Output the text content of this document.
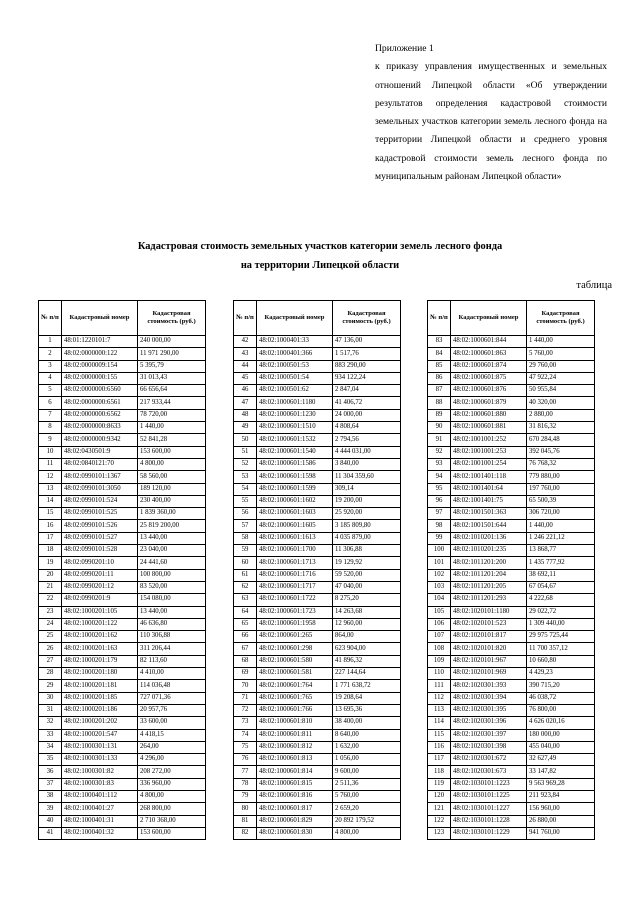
Приложение 1
к приказу управления имущественных и земельных отношений Липецкой области «Об утверждении результатов определения кадастровой стоимости земельных участков категории земель лесного фонда на территории Липецкой области и среднего уровня кадастровой стоимости земель лесного фонда по муниципальным районам Липецкой области»
Кадастровая стоимость земельных участков категории земель лесного фонда
на территории Липецкой области
таблица
№ п/п	Кадастровый номер	Кадастровая стоимость (руб.)
1	48:01:1220101:7	240 000,00
2	48:02:0000000:122	11 971 290,00
3	48:02:0000009:154	5 395,79
4	48:02:0000000:155	31 013,43
5	48:02:0000000:6560	66 656,64
6	48:02:0000000:6561	217 933,44
7	48:02:0000000:6562	78 720,00
8	48:02:0000000:8633	1 440,00
9	48:02:0000000:9342	52 841,28
10	48:02:0430501:9	153 600,00
11	48:02:0840121:70	4 800,00
12	48:02:0990101:1367	58 560,00
13	48:02:0990101:3050	189 120,00
14	48:02:0990101:524	230 400,00
15	48:02:0990101:525	1 839 360,00
16	48:02:0990101:526	25 819 200,00
17	48:02:0990101:527	13 440,00
18	48:02:0990101:528	23 040,00
19	48:02:0990201:10	24 441,60
20	48:02:0990201:11	100 800,00
21	48:02:0990201:12	83 520,00
22	48:02:0990201:9	154 080,00
23	48:02:1000201:105	13 440,00
24	48:02:1000201:122	46 636,80
25	48:02:1000201:162	110 306,88
26	48:02:1000201:163	311 206,44
27	48:02:1000201:179	82 113,60
28	48:02:1000201:180	4 410,00
29	48:02:1000201:181	114 036,48
30	48:02:1000201:185	727 071,36
31	48:02:1000201:186	20 957,76
32	48:02:1000201:202	33 600,00
33	48:02:1000201:547	4 418,15
34	48:02:1000301:131	264,00
35	48:02:1000301:133	4 296,00
36	48:02:1000301:82	208 272,00
37	48:02:1000301:83	336 960,00
38	48:02:1000401:112	4 800,00
39	48:02:1000401:27	268 800,00
40	48:02:1000401:31	2 710 368,00
41	48:02:1000401:32	153 600,00
№ п/п	Кадастровый номер	Кадастровая стоимость (руб.)
42	48:02:1000401:33	47 136,00
43	48:02:1000401:366	1 517,76
44	48:02:1000501:53	883 290,00
45	48:02:1000501:54	934 122,24
46	48:02:1000501:62	2 847,04
47	48:02:1000601:1180	41 406,72
48	48:02:1000601:1230	24 000,00
49	48:02:1000601:1510	4 808,64
50	48:02:1000601:1532	2 794,56
51	48:02:1000601:1540	4 444 031,00
52	48:02:1000601:1586	3 840,00
53	48:02:1000601:1598	11 304 359,60
54	48:02:1000601:1599	309,14
55	48:02:1000601:1602	19 200,00
56	48:02:1000601:1603	25 920,00
57	48:02:1000601:1605	3 185 809,80
58	48:02:1000601:1613	4 035 879,00
59	48:02:1000601:1700	11 306,88
60	48:02:1000601:1713	19 129,92
61	48:02:1000601:1716	59 520,00
62	48:02:1000601:1717	47 040,00
63	48:02:1000601:1722	8 275,20
64	48:02:1000601:1723	14 263,68
65	48:02:1000601:1958	12 960,00
66	48:02:1000601:265	864,00
67	48:02:1000601:298	623 904,00
68	48:02:1000601:580	41 896,32
69	48:02:1000601:581	227 144,64
70	48:02:1000601:764	1 771 638,72
71	48:02:1000601:765	19 208,64
72	48:02:1000601:766	13 695,36
73	48:02:1000601:810	38 400,00
74	48:02:1000601:811	8 640,00
75	48:02:1000601:812	1 632,00
76	48:02:1000601:813	1 056,00
77	48:02:1000601:814	9 600,00
78	48:02:1000601:815	2 511,36
79	48:02:1000601:816	5 760,00
80	48:02:1000601:817	2 659,20
81	48:02:1000601:829	20 892 179,52
82	48:02:1000601:830	4 800,00
№ п/п	Кадастровый номер	Кадастровая стоимость (руб.)
83	48:02:1000601:844	1 440,00
84	48:02:1000601:863	5 760,00
85	48:02:1000601:874	29 760,00
86	48:02:1000601:875	47 922,24
87	48:02:1000601:876	50 955,84
88	48:02:1000601:879	40 320,00
89	48:02:1000601:880	2 880,00
90	48:02:1000601:881	31 816,32
91	48:02:1001001:252	670 284,48
92	48:02:1001001:253	392 045,76
93	48:02:1001001:254	76 768,32
94	48:02:1001401:118	779 880,00
95	48:02:1001401:64	197 760,00
96	48:02:1001401:75	65 500,39
97	48:02:1001501:363	306 720,00
98	48:02:1001501:644	1 440,00
99	48:02:1010201:136	1 246 221,12
100	48:02:1010201:235	13 868,77
101	48:02:1011201:200	1 435 777,92
102	48:02:1011201:204	38 692,11
103	48:02:1011201:205	67 054,67
104	48:02:1011201:293	4 222,68
105	48:02:1020101:1180	29 022,72
106	48:02:1020101:523	1 309 440,00
107	48:02:1020101:817	29 975 725,44
108	48:02:1020101:820	11 700 357,12
109	48:02:1020101:967	10 660,80
110	48:02:1020101:969	4 429,23
111	48:02:1020301:393	390 715,20
112	48:02:1020301:394	46 038,72
113	48:02:1020301:395	76 800,00
114	48:02:1020301:396	4 626 020,16
115	48:02:1020301:397	180 000,00
116	48:02:1020301:398	455 040,00
117	48:02:1020301:672	32 627,49
118	48:02:1020301:673	33 147,82
119	48:02:1030101:1223	9 563 969,28
120	48:02:1030101:1225	211 923,84
121	48:02:1030101:1227	156 960,00
122	48:02:1030101:1228	26 880,00
123	48:02:1030101:1229	941 760,00
